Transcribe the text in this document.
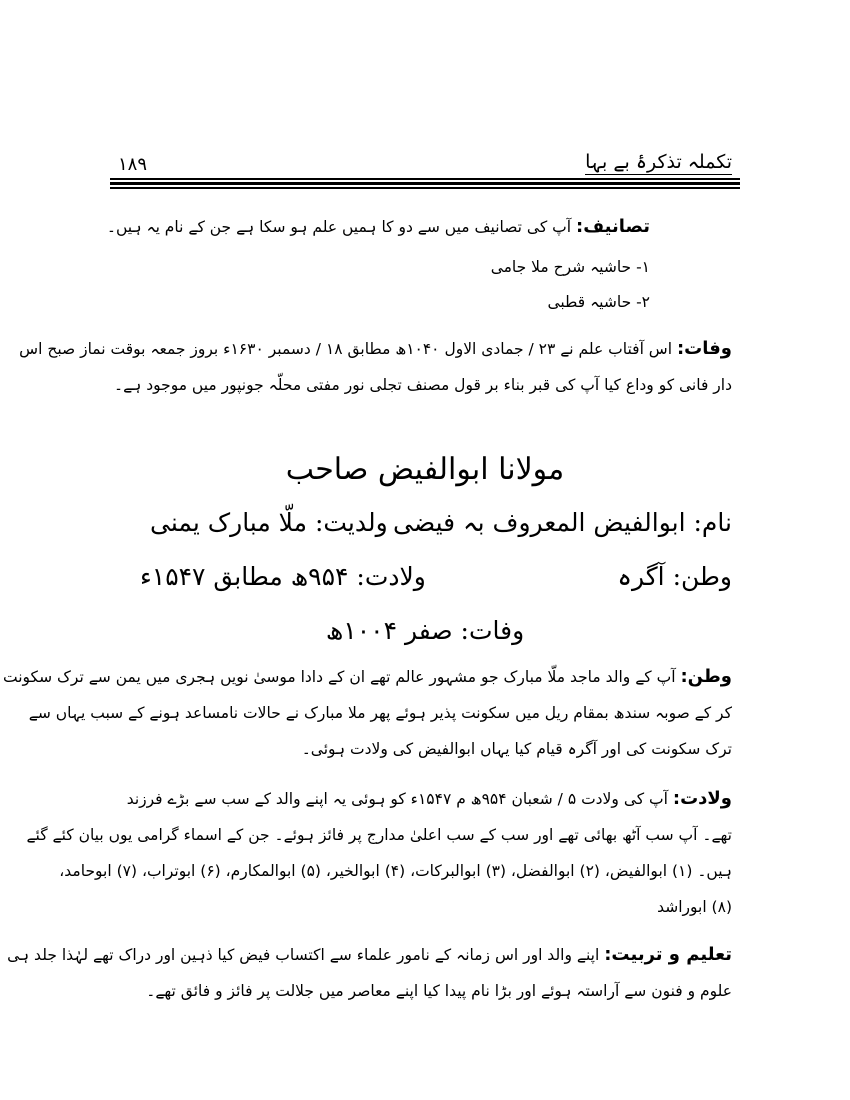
۱۸۹	تکملہ تذکرۂ بے بہا
تصانیف: آپ کی تصانیف میں سے دو کا ہمیں علم ہو سکا ہے جن کے نام یہ ہیں۔
۱- حاشیہ شرح ملا جامی
۲- حاشیہ قطبی
وفات: اس آفتاب علم نے ۲۳ / جمادی الاول ۱۰۴۰ھ مطابق ۱۸ / دسمبر ۱۶۳۰ء بروز جمعہ بوقت نماز صبح اس
دار فانی کو وداع کیا آپ کی قبر بناء بر قول مصنف تجلی نور مفتی محلّہ جونپور میں موجود ہے۔
مولانا ابوالفیض صاحب
نام: ابوالفیض المعروف بہ فیضی
ولدیت: ملّا مبارک یمنی
وطن: آگرہ
ولادت: ۹۵۴ھ مطابق ۱۵۴۷ء
وفات: صفر ۱۰۰۴ھ
وطن: آپ کے والد ماجد ملّا مبارک جو مشہور عالم تھے ان کے دادا موسیٰ نویں ہجری میں یمن سے ترک سکونت
کر کے صوبہ سندھ بمقام ریل میں سکونت پذیر ہوئے پھر ملا مبارک نے حالات نامساعد ہونے کے سبب یہاں سے
ترک سکونت کی اور آگرہ قیام کیا یہاں ابوالفیض کی ولادت ہوئی۔
ولادت: آپ کی ولادت ۵ / شعبان ۹۵۴ھ م ۱۵۴۷ء کو ہوئی یہ اپنے والد کے سب سے بڑے فرزند
تھے۔ آپ سب آٹھ بھائی تھے اور سب کے سب اعلیٰ مدارج پر فائز ہوئے۔ جن کے اسماء گرامی یوں بیان کئے گئے
ہیں۔ (۱) ابوالفیض، (۲) ابوالفضل، (۳) ابوالبرکات، (۴) ابوالخیر، (۵) ابوالمکارم، (۶) ابوتراب، (۷) ابوحامد،
(۸) ابوراشد
تعلیم و تربیت: اپنے والد اور اس زمانہ کے نامور علماء سے اکتساب فیض کیا ذہین اور دراک تھے لہٰذا جلد ہی
علوم و فنون سے آراستہ ہوئے اور بڑا نام پیدا کیا اپنے معاصر میں جلالت پر فائز و فائق تھے۔
